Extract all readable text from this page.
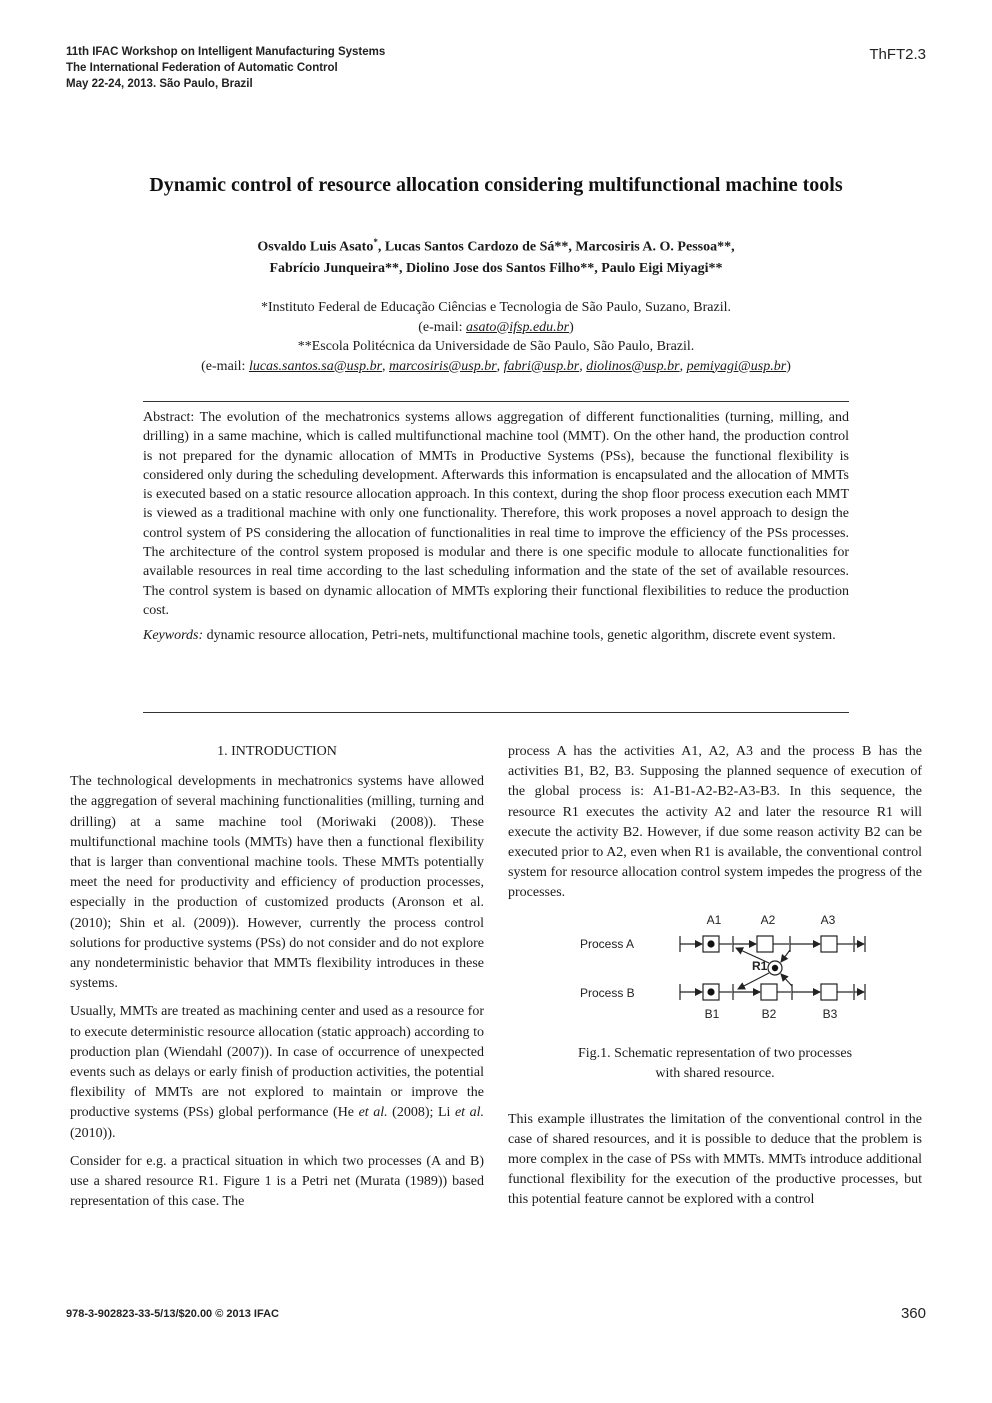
11th IFAC Workshop on Intelligent Manufacturing Systems
The International Federation of Automatic Control
May 22-24, 2013. São Paulo, Brazil
ThFT2.3
Dynamic control of resource allocation considering multifunctional machine tools
Osvaldo Luis Asato*, Lucas Santos Cardozo de Sá**, Marcosiris A. O. Pessoa**,
Fabrício Junqueira**, Diolino Jose dos Santos Filho**, Paulo Eigi Miyagi**
*Instituto Federal de Educação Ciências e Tecnologia de São Paulo, Suzano, Brazil.
(e-mail: asato@ifsp.edu.br)
**Escola Politécnica da Universidade de São Paulo, São Paulo, Brazil.
(e-mail: lucas.santos.sa@usp.br, marcosiris@usp.br, fabri@usp.br, diolinos@usp.br, pemiyagi@usp.br)

Abstract: The evolution of the mechatronics systems allows aggregation of different functionalities (turning, milling, and drilling) in a same machine, which is called multifunctional machine tool (MMT). On the other hand, the production control is not prepared for the dynamic allocation of MMTs in Productive Systems (PSs), because the functional flexibility is considered only during the scheduling development. Afterwards this information is encapsulated and the allocation of MMTs is executed based on a static resource allocation approach. In this context, during the shop floor process execution each MMT is viewed as a traditional machine with only one functionality. Therefore, this work proposes a novel approach to design the control system of PS considering the allocation of functionalities in real time to improve the efficiency of the PSs processes. The architecture of the control system proposed is modular and there is one specific module to allocate functionalities for available resources in real time according to the last scheduling information and the state of the set of available resources. The control system is based on dynamic allocation of MMTs exploring their functional flexibilities to reduce the production cost.

Keywords: dynamic resource allocation, Petri-nets, multifunctional machine tools, genetic algorithm, discrete event system.

1. INTRODUCTION

The technological developments in mechatronics systems have allowed the aggregation of several machining functionalities (milling, turning and drilling) at a same machine tool (Moriwaki (2008)). These multifunctional machine tools (MMTs) have then a functional flexibility that is larger than conventional machine tools. These MMTs potentially meet the need for productivity and efficiency of production processes, especially in the production of customized products (Aronson et al. (2010); Shin et al. (2009)). However, currently the process control solutions for productive systems (PSs) do not consider and do not explore any nondeterministic behavior that MMTs flexibility introduces in these systems.

Usually, MMTs are treated as machining center and used as a resource for to execute deterministic resource allocation (static approach) according to production plan (Wiendahl (2007)). In case of occurrence of unexpected events such as delays or early finish of production activities, the potential flexibility of MMTs are not explored to maintain or improve the productive systems (PSs) global performance (He et al. (2008); Li et al. (2010)).

Consider for e.g. a practical situation in which two processes (A and B) use a shared resource R1. Figure 1 is a Petri net (Murata (1989)) based representation of this case. The

process A has the activities A1, A2, A3 and the process B has the activities B1, B2, B3. Supposing the planned sequence of execution of the global process is: A1-B1-A2-B2-A3-B3. In this sequence, the resource R1 executes the activity A2 and later the resource R1 will execute the activity B2. However, if due some reason activity B2 can be executed prior to A2, even when R1 is available, the conventional control system for resource allocation control system impedes the progress of the processes.

A1	A2	A3
Process A
Process B
R1
B1	B2	B3
Fig.1. Schematic representation of two processes
with shared resource.

This example illustrates the limitation of the conventional control in the case of shared resources, and it is possible to deduce that the problem is more complex in the case of PSs with MMTs. MMTs introduce additional functional flexibility for the execution of the productive processes, but this potential feature cannot be explored with a control

978-3-902823-33-5/13/$20.00 © 2013 IFAC	360
